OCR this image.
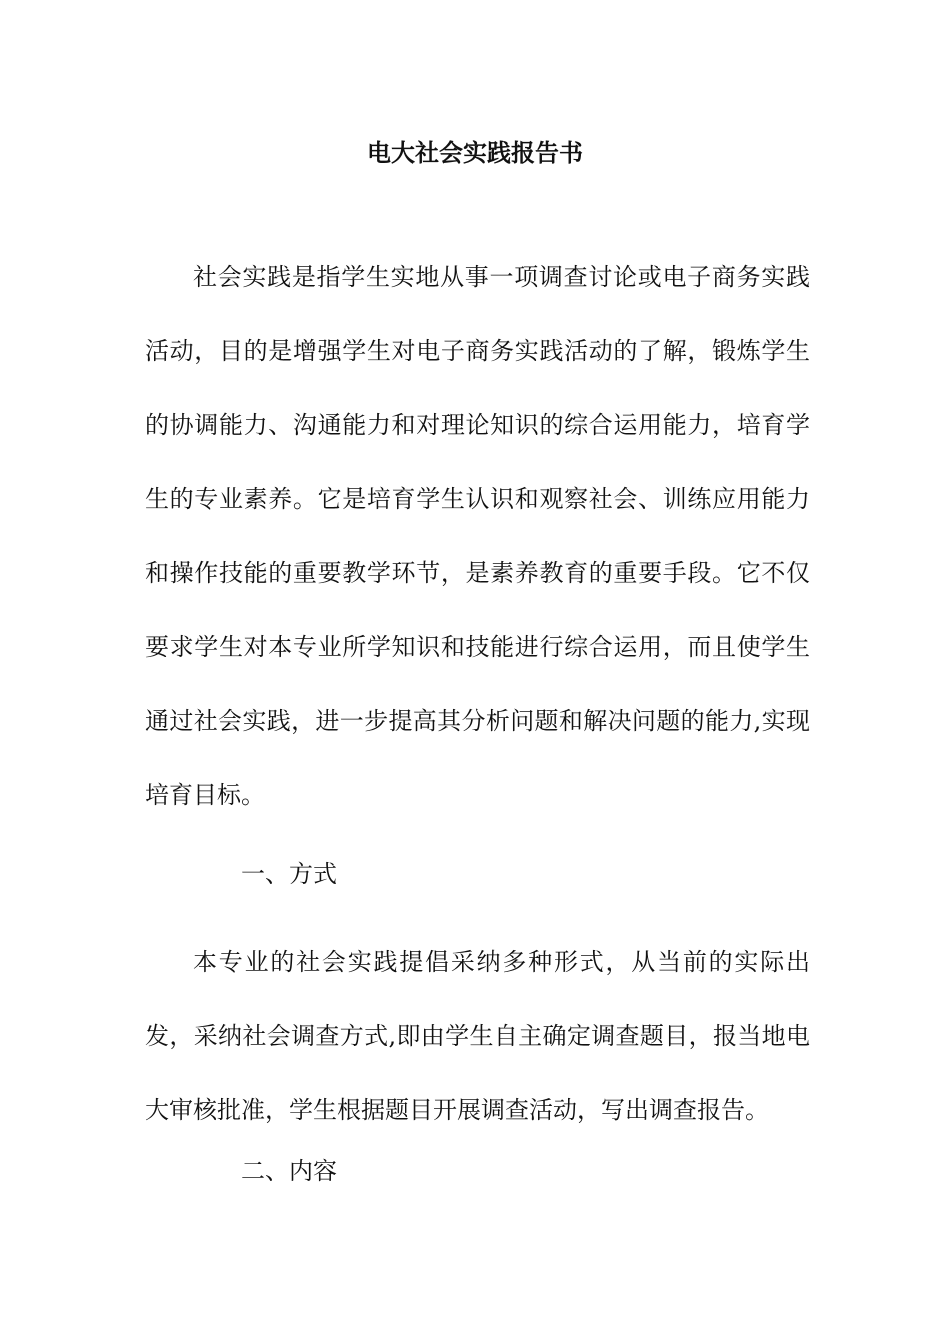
电大社会实践报告书

社会实践是指学生实地从事一项调查讨论或电子商务实践活动，目的是增强学生对电子商务实践活动的了解，锻炼学生的协调能力、沟通能力和对理论知识的综合运用能力，培育学生的专业素养。它是培育学生认识和观察社会、训练应用能力和操作技能的重要教学环节，是素养教育的重要手段。它不仅要求学生对本专业所学知识和技能进行综合运用，而且使学生通过社会实践，进一步提高其分析问题和解决问题的能力,实现培育目标。

一、方式

本专业的社会实践提倡采纳多种形式，从当前的实际出发，采纳社会调查方式,即由学生自主确定调查题目，报当地电大审核批准，学生根据题目开展调查活动，写出调查报告。

二、内容
